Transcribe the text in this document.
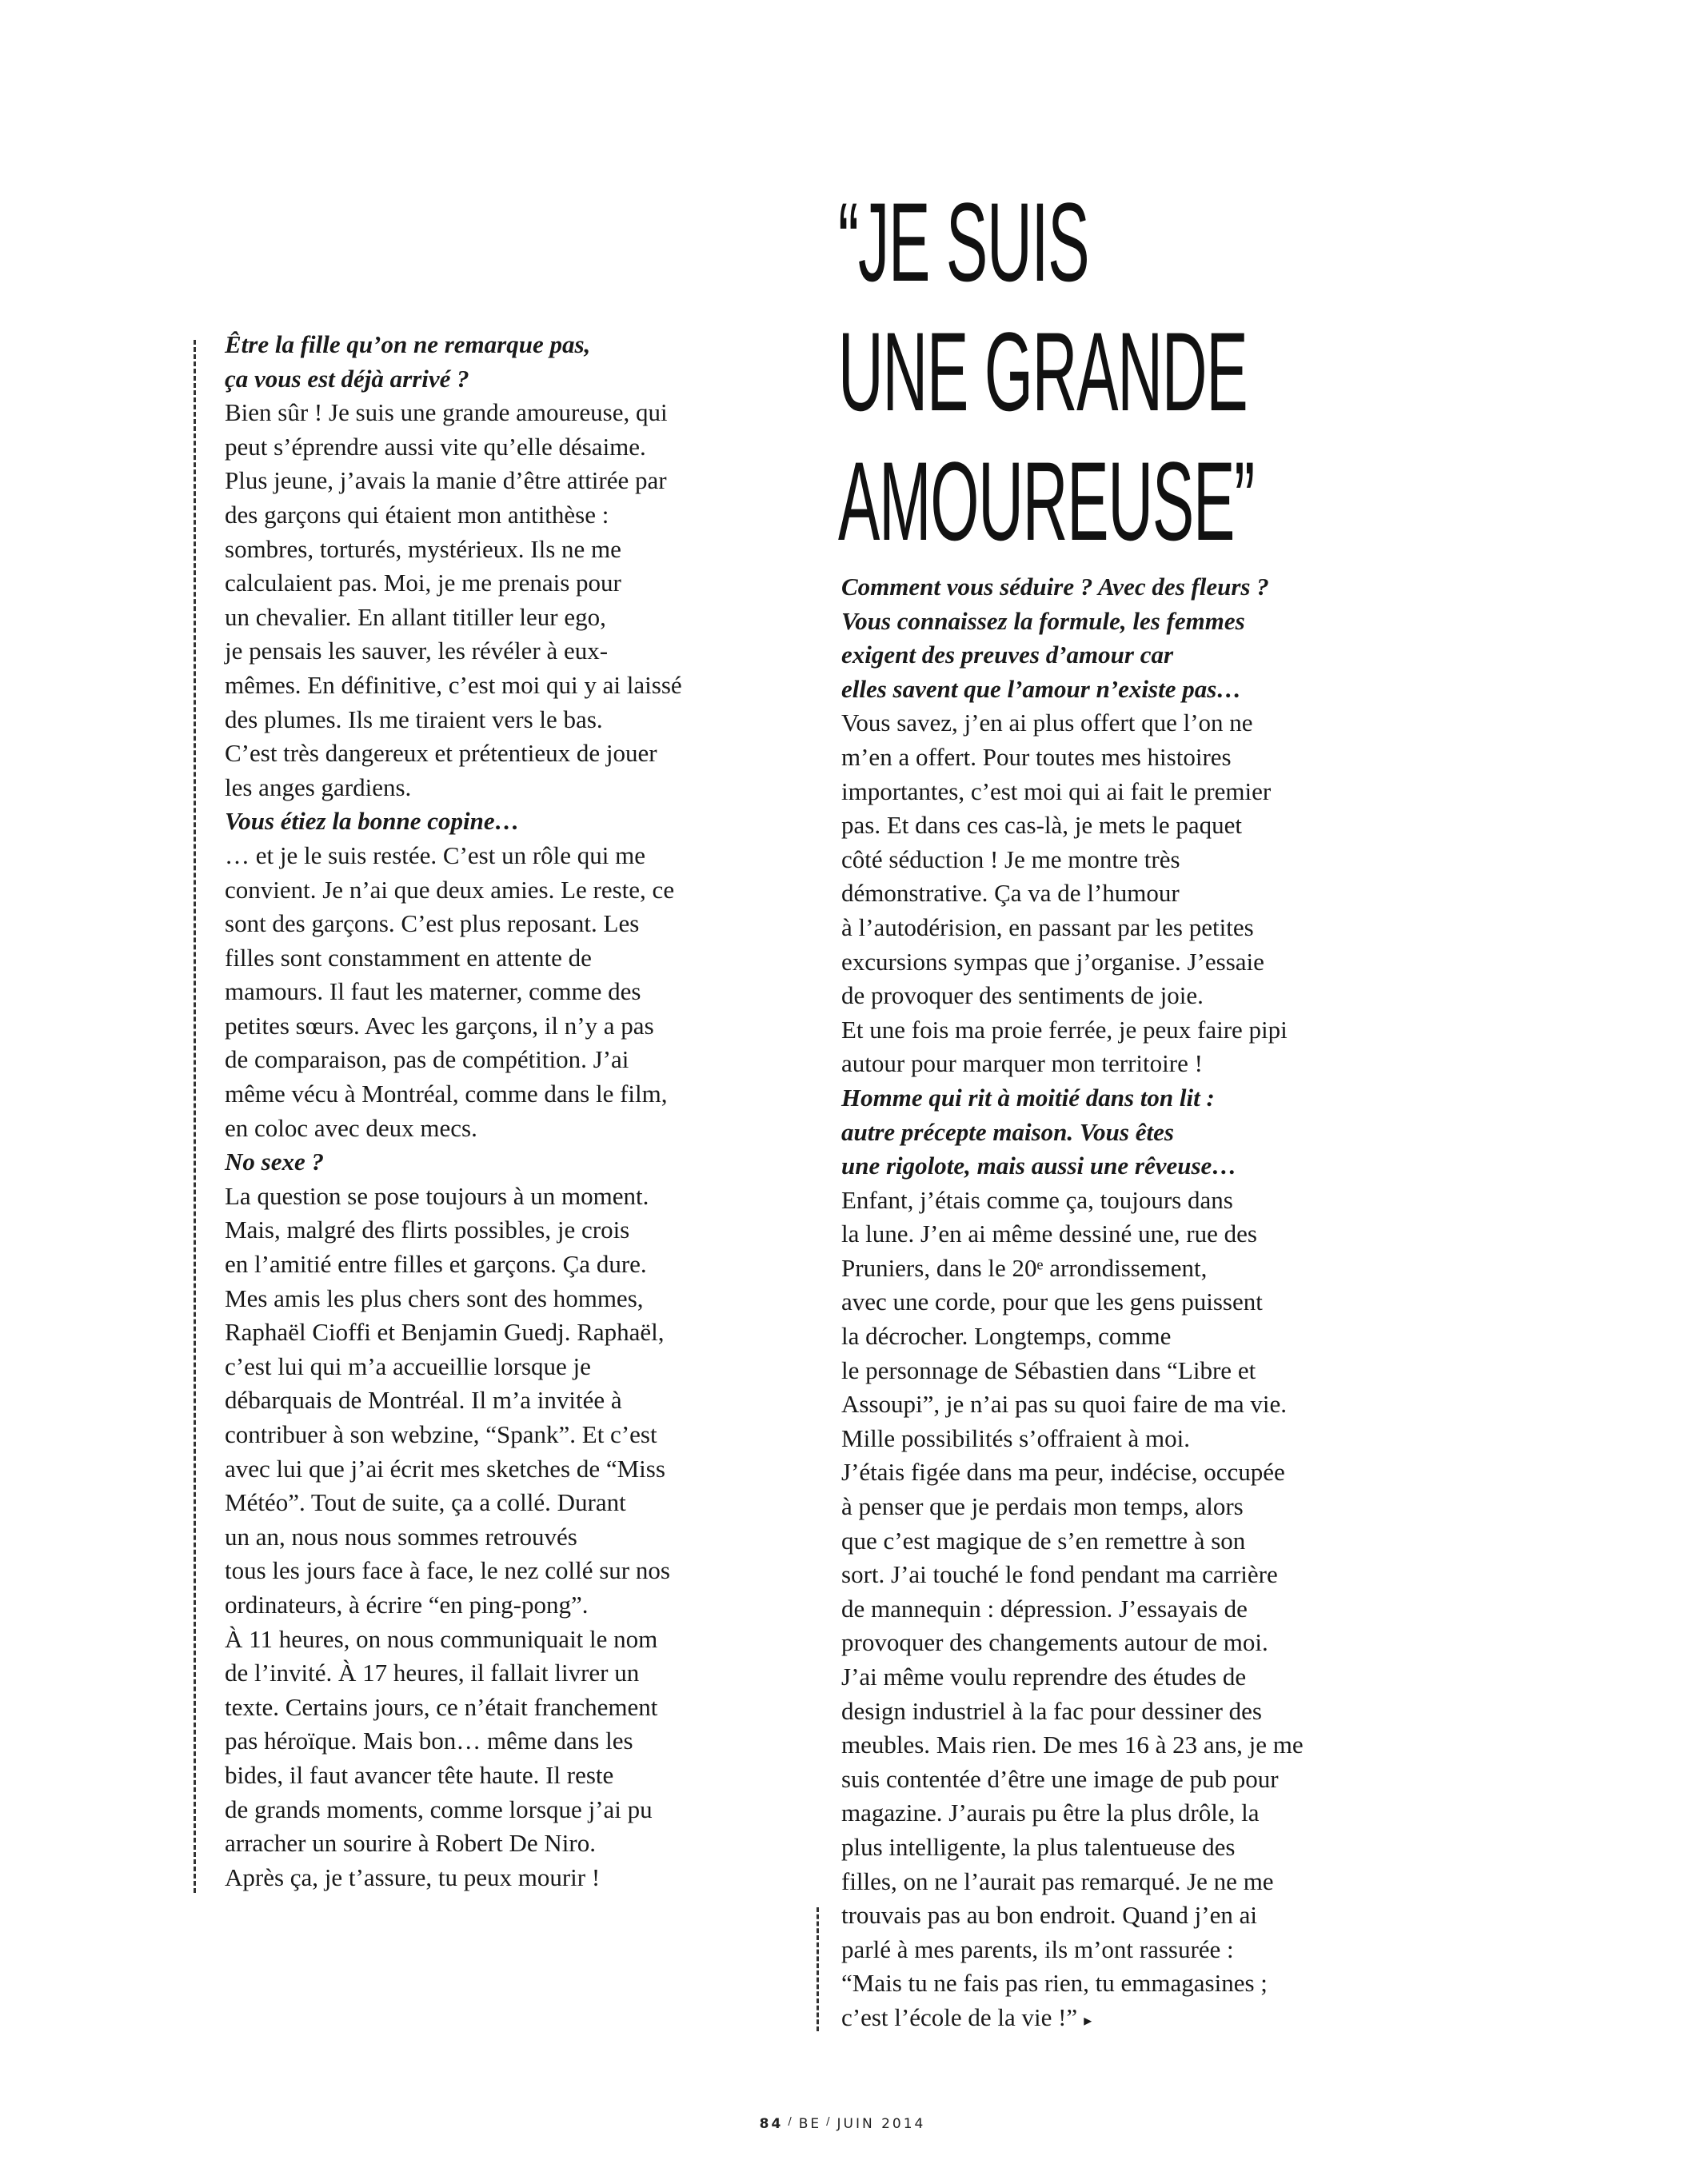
“JE SUIS
UNE GRANDE
AMOUREUSE”
Être la fille qu’on ne remarque pas,
ça vous est déjà arrivé ?
Bien sûr ! Je suis une grande amoureuse, qui
peut s’éprendre aussi vite qu’elle désaime.
Plus jeune, j’avais la manie d’être attirée par
des garçons qui étaient mon antithèse :
sombres, torturés, mystérieux. Ils ne me
calculaient pas. Moi, je me prenais pour
un chevalier. En allant titiller leur ego,
je pensais les sauver, les révéler à eux-
mêmes. En définitive, c’est moi qui y ai laissé
des plumes. Ils me tiraient vers le bas.
C’est très dangereux et prétentieux de jouer
les anges gardiens.
Vous étiez la bonne copine…
… et je le suis restée. C’est un rôle qui me
convient. Je n’ai que deux amies. Le reste, ce
sont des garçons. C’est plus reposant. Les
filles sont constamment en attente de
mamours. Il faut les materner, comme des
petites sœurs. Avec les garçons, il n’y a pas
de comparaison, pas de compétition. J’ai
même vécu à Montréal, comme dans le film,
en coloc avec deux mecs.
No sexe ?
La question se pose toujours à un moment.
Mais, malgré des flirts possibles, je crois
en l’amitié entre filles et garçons. Ça dure.
Mes amis les plus chers sont des hommes,
Raphaël Cioffi et Benjamin Guedj. Raphaël,
c’est lui qui m’a accueillie lorsque je
débarquais de Montréal. Il m’a invitée à
contribuer à son webzine, “Spank”. Et c’est
avec lui que j’ai écrit mes sketches de “Miss
Météo”. Tout de suite, ça a collé. Durant
un an, nous nous sommes retrouvés
tous les jours face à face, le nez collé sur nos
ordinateurs, à écrire “en ping-pong”.
À 11 heures, on nous communiquait le nom
de l’invité. À 17 heures, il fallait livrer un
texte. Certains jours, ce n’était franchement
pas héroïque. Mais bon… même dans les
bides, il faut avancer tête haute. Il reste
de grands moments, comme lorsque j’ai pu
arracher un sourire à Robert De Niro.
Après ça, je t’assure, tu peux mourir !
Comment vous séduire ? Avec des fleurs ?
Vous connaissez la formule, les femmes
exigent des preuves d’amour car
elles savent que l’amour n’existe pas…
Vous savez, j’en ai plus offert que l’on ne
m’en a offert. Pour toutes mes histoires
importantes, c’est moi qui ai fait le premier
pas. Et dans ces cas-là, je mets le paquet
côté séduction ! Je me montre très
démonstrative. Ça va de l’humour
à l’autodérision, en passant par les petites
excursions sympas que j’organise. J’essaie
de provoquer des sentiments de joie.
Et une fois ma proie ferrée, je peux faire pipi
autour pour marquer mon territoire !
Homme qui rit à moitié dans ton lit :
autre précepte maison. Vous êtes
une rigolote, mais aussi une rêveuse…
Enfant, j’étais comme ça, toujours dans
la lune. J’en ai même dessiné une, rue des
Pruniers, dans le 20ᵉ arrondissement,
avec une corde, pour que les gens puissent
la décrocher. Longtemps, comme
le personnage de Sébastien dans “Libre et
Assoupi”, je n’ai pas su quoi faire de ma vie.
Mille possibilités s’offraient à moi.
J’étais figée dans ma peur, indécise, occupée
à penser que je perdais mon temps, alors
que c’est magique de s’en remettre à son
sort. J’ai touché le fond pendant ma carrière
de mannequin : dépression. J’essayais de
provoquer des changements autour de moi.
J’ai même voulu reprendre des études de
design industriel à la fac pour dessiner des
meubles. Mais rien. De mes 16 à 23 ans, je me
suis contentée d’être une image de pub pour
magazine. J’aurais pu être la plus drôle, la
plus intelligente, la plus talentueuse des
filles, on ne l’aurait pas remarqué. Je ne me
trouvais pas au bon endroit. Quand j’en ai
parlé à mes parents, ils m’ont rassurée :
“Mais tu ne fais pas rien, tu emmagasines ;
c’est l’école de la vie !” ▸
84 / BE / JUIN 2014
